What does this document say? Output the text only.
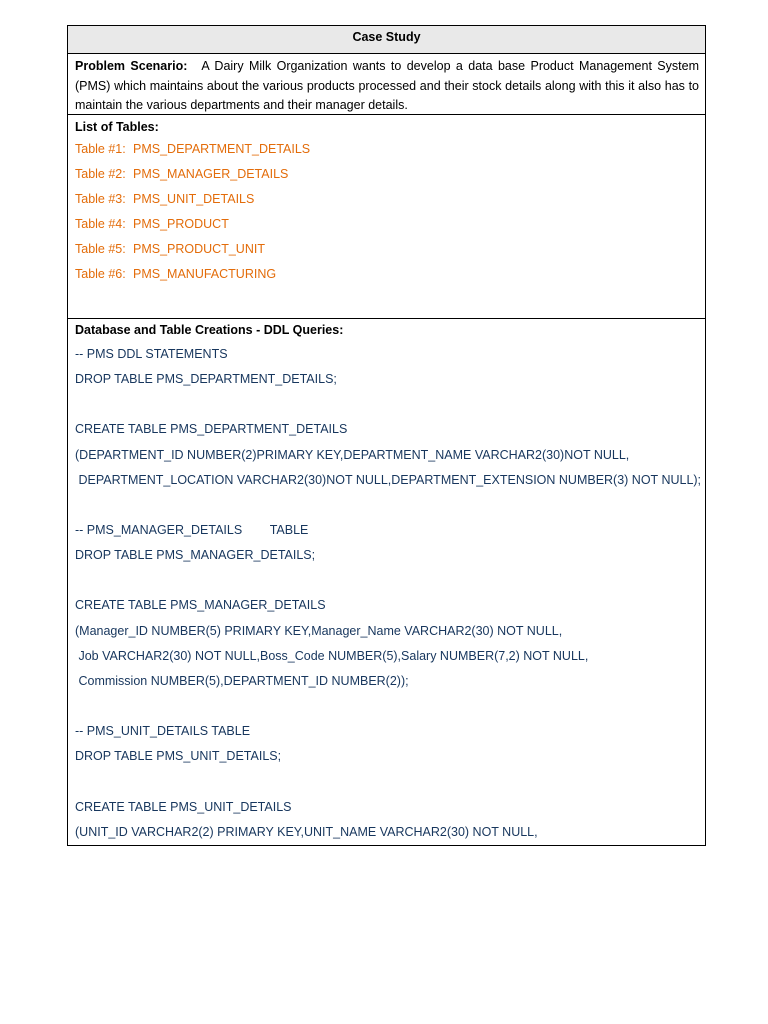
Case Study
Problem Scenario: A Dairy Milk Organization wants to develop a data base Product Management System (PMS) which maintains about the various products processed and their stock details along with this it also has to maintain the various departments and their manager details.
List of Tables:
Table #1: PMS_DEPARTMENT_DETAILS
Table #2: PMS_MANAGER_DETAILS
Table #3: PMS_UNIT_DETAILS
Table #4: PMS_PRODUCT
Table #5: PMS_PRODUCT_UNIT
Table #6: PMS_MANUFACTURING
Database and Table Creations - DDL Queries:
-- PMS DDL STATEMENTS
DROP TABLE PMS_DEPARTMENT_DETAILS;
CREATE TABLE PMS_DEPARTMENT_DETAILS
(DEPARTMENT_ID NUMBER(2)PRIMARY KEY,DEPARTMENT_NAME VARCHAR2(30)NOT NULL,
DEPARTMENT_LOCATION VARCHAR2(30)NOT NULL,DEPARTMENT_EXTENSION NUMBER(3) NOT NULL);
-- PMS_MANAGER_DETAILS        TABLE
DROP TABLE PMS_MANAGER_DETAILS;
CREATE TABLE PMS_MANAGER_DETAILS
(Manager_ID NUMBER(5) PRIMARY KEY,Manager_Name VARCHAR2(30) NOT NULL,
Job VARCHAR2(30) NOT NULL,Boss_Code NUMBER(5),Salary NUMBER(7,2) NOT NULL,
Commission NUMBER(5),DEPARTMENT_ID NUMBER(2));
-- PMS_UNIT_DETAILS TABLE
DROP TABLE PMS_UNIT_DETAILS;
CREATE TABLE PMS_UNIT_DETAILS
(UNIT_ID VARCHAR2(2) PRIMARY KEY,UNIT_NAME VARCHAR2(30) NOT NULL,
